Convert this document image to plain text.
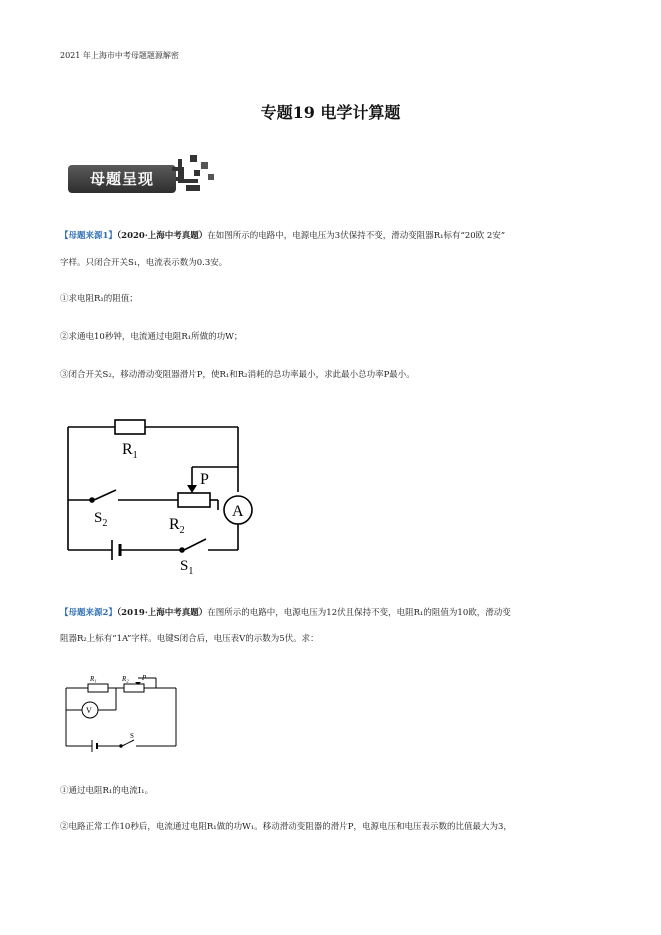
2021 年上海市中考母题题源解密
专题19 电学计算题
母题呈现
【母题来源1】（2020·上海中考真题）在如图所示的电路中，电源电压为3伏保持不变，滑动变阻器R₁标有“20欧 2安”
字样。只闭合开关S₁，电流表示数为0.3安。
①求电阻R₁的阻值；
②求通电10秒钟，电流通过电阻R₁所做的功W；
③闭合开关S₂，移动滑动变阻器滑片P，使R₁和R₂消耗的总功率最小，求此最小总功率P最小。
$R_1$
P
$R_2$
A
$S_2$
$S_1$
【母题来源2】（2019·上海中考真题）在图所示的电路中，电源电压为12伏且保持不变，电阻R₁的阻值为10欧，滑动变
阻器R₂上标有“1A”字样。电键S闭合后，电压表V的示数为5伏。求：
R₁	R₂ P
V
S
①通过电阻R₁的电流I₁。
②电路正常工作10秒后，电流通过电阻R₁做的功W₁。移动滑动变阻器的滑片P，电源电压和电压表示数的比值最大为3，
